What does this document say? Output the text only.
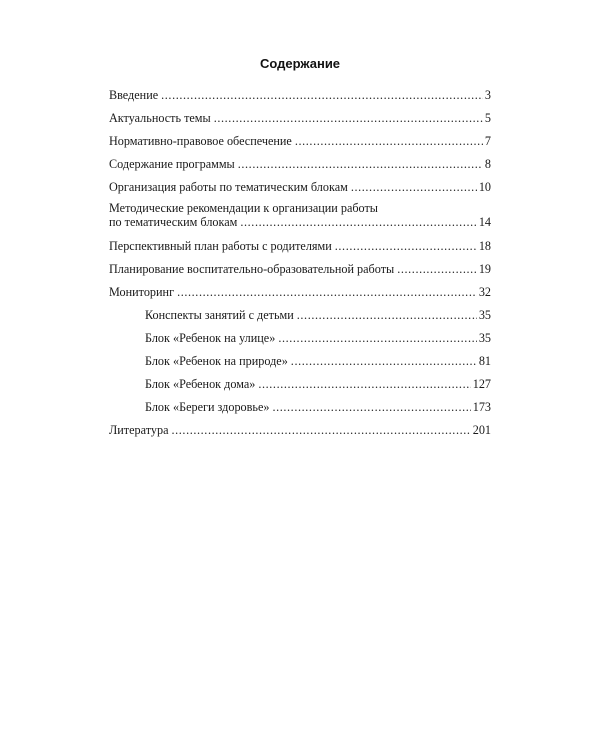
Содержание
Введение .....	3
Актуальность темы .....	5
Нормативно-правовое обеспечение .....	7
Содержание программы .....	8
Организация работы по тематическим блокам .....	10
Методические рекомендации к организации работы
по тематическим блокам .....	14
Перспективный план работы с родителями .....	18
Планирование воспитательно-образовательной работы .....	19
Мониторинг .....	32
Конспекты занятий с детьми .....	35
Блок «Ребенок на улице» .....	35
Блок «Ребенок на природе» .....	81
Блок «Ребенок дома» .....	127
Блок «Береги здоровье» .....	173
Литература .....	201
